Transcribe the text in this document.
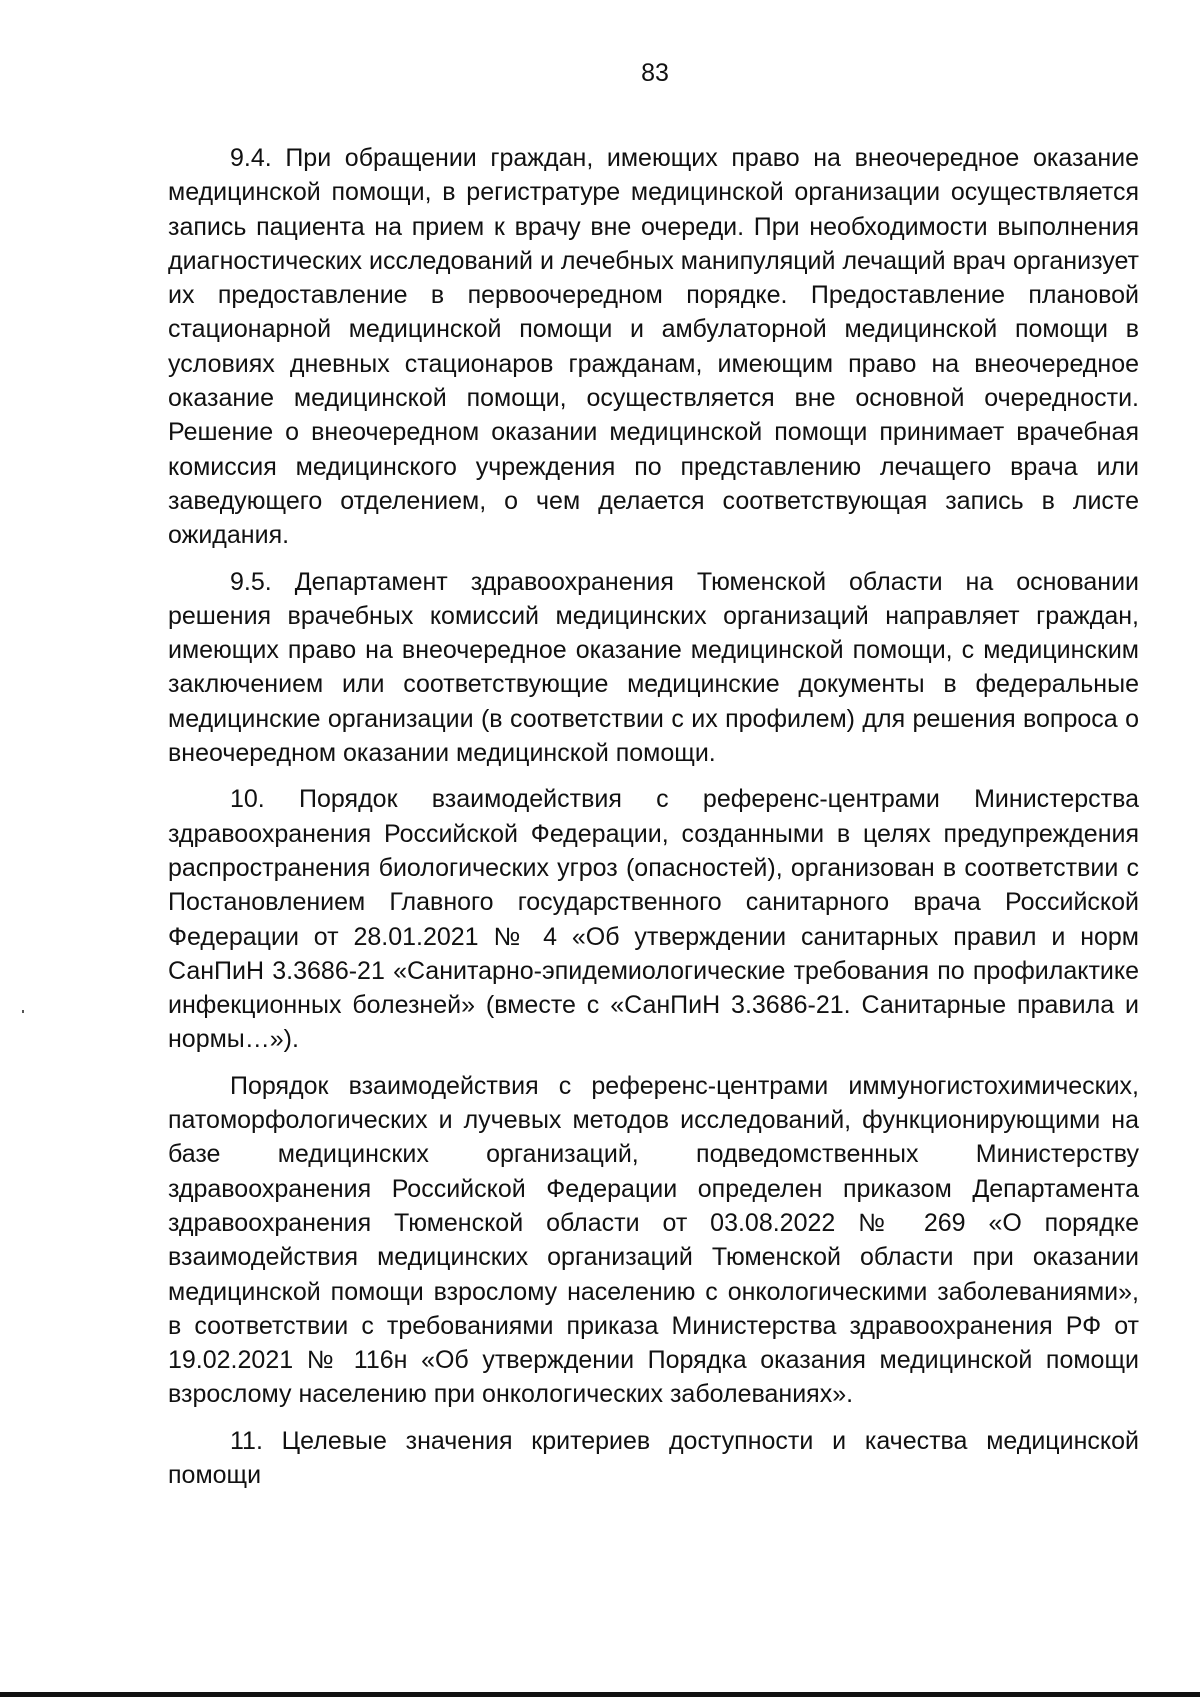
83

9.4. При обращении граждан, имеющих право на внеочередное оказание медицинской помощи, в регистратуре медицинской организации осуществляется запись пациента на прием к врачу вне очереди. При необходимости выполнения диагностических исследований и лечебных манипуляций лечащий врач организует их предоставление в первоочередном порядке. Предоставление плановой стационарной медицинской помощи и амбулаторной медицинской помощи в условиях дневных стационаров гражданам, имеющим право на внеочередное оказание медицинской помощи, осуществляется вне основной очередности. Решение о внеочередном оказании медицинской помощи принимает врачебная комиссия медицинского учреждения по представлению лечащего врача или заведующего отделением, о чем делается соответствующая запись в листе ожидания.

9.5. Департамент здравоохранения Тюменской области на основании решения врачебных комиссий медицинских организаций направляет граждан, имеющих право на внеочередное оказание медицинской помощи, с медицинским заключением или соответствующие медицинские документы в федеральные медицинские организации (в соответствии с их профилем) для решения вопроса о внеочередном оказании медицинской помощи.

10. Порядок взаимодействия с референс-центрами Министерства здравоохранения Российской Федерации, созданными в целях предупреждения распространения биологических угроз (опасностей), организован в соответствии с Постановлением Главного государственного санитарного врача Российской Федерации от 28.01.2021 № 4 «Об утверждении санитарных правил и норм СанПиН 3.3686-21 «Санитарно-эпидемиологические требования по профилактике инфекционных болезней» (вместе с «СанПиН 3.3686-21. Санитарные правила и нормы…»).

Порядок взаимодействия с референс-центрами иммуногистохимических, патоморфологических и лучевых методов исследований, функционирующими на базе медицинских организаций, подведомственных Министерству здравоохранения Российской Федерации определен приказом Департамента здравоохранения Тюменской области от 03.08.2022 № 269 «О порядке взаимодействия медицинских организаций Тюменской области при оказании медицинской помощи взрослому населению с онкологическими заболеваниями», в соответствии с требованиями приказа Министерства здравоохранения РФ от 19.02.2021 № 116н «Об утверждении Порядка оказания медицинской помощи взрослому населению при онкологических заболеваниях».

11. Целевые значения критериев доступности и качества медицинской помощи
